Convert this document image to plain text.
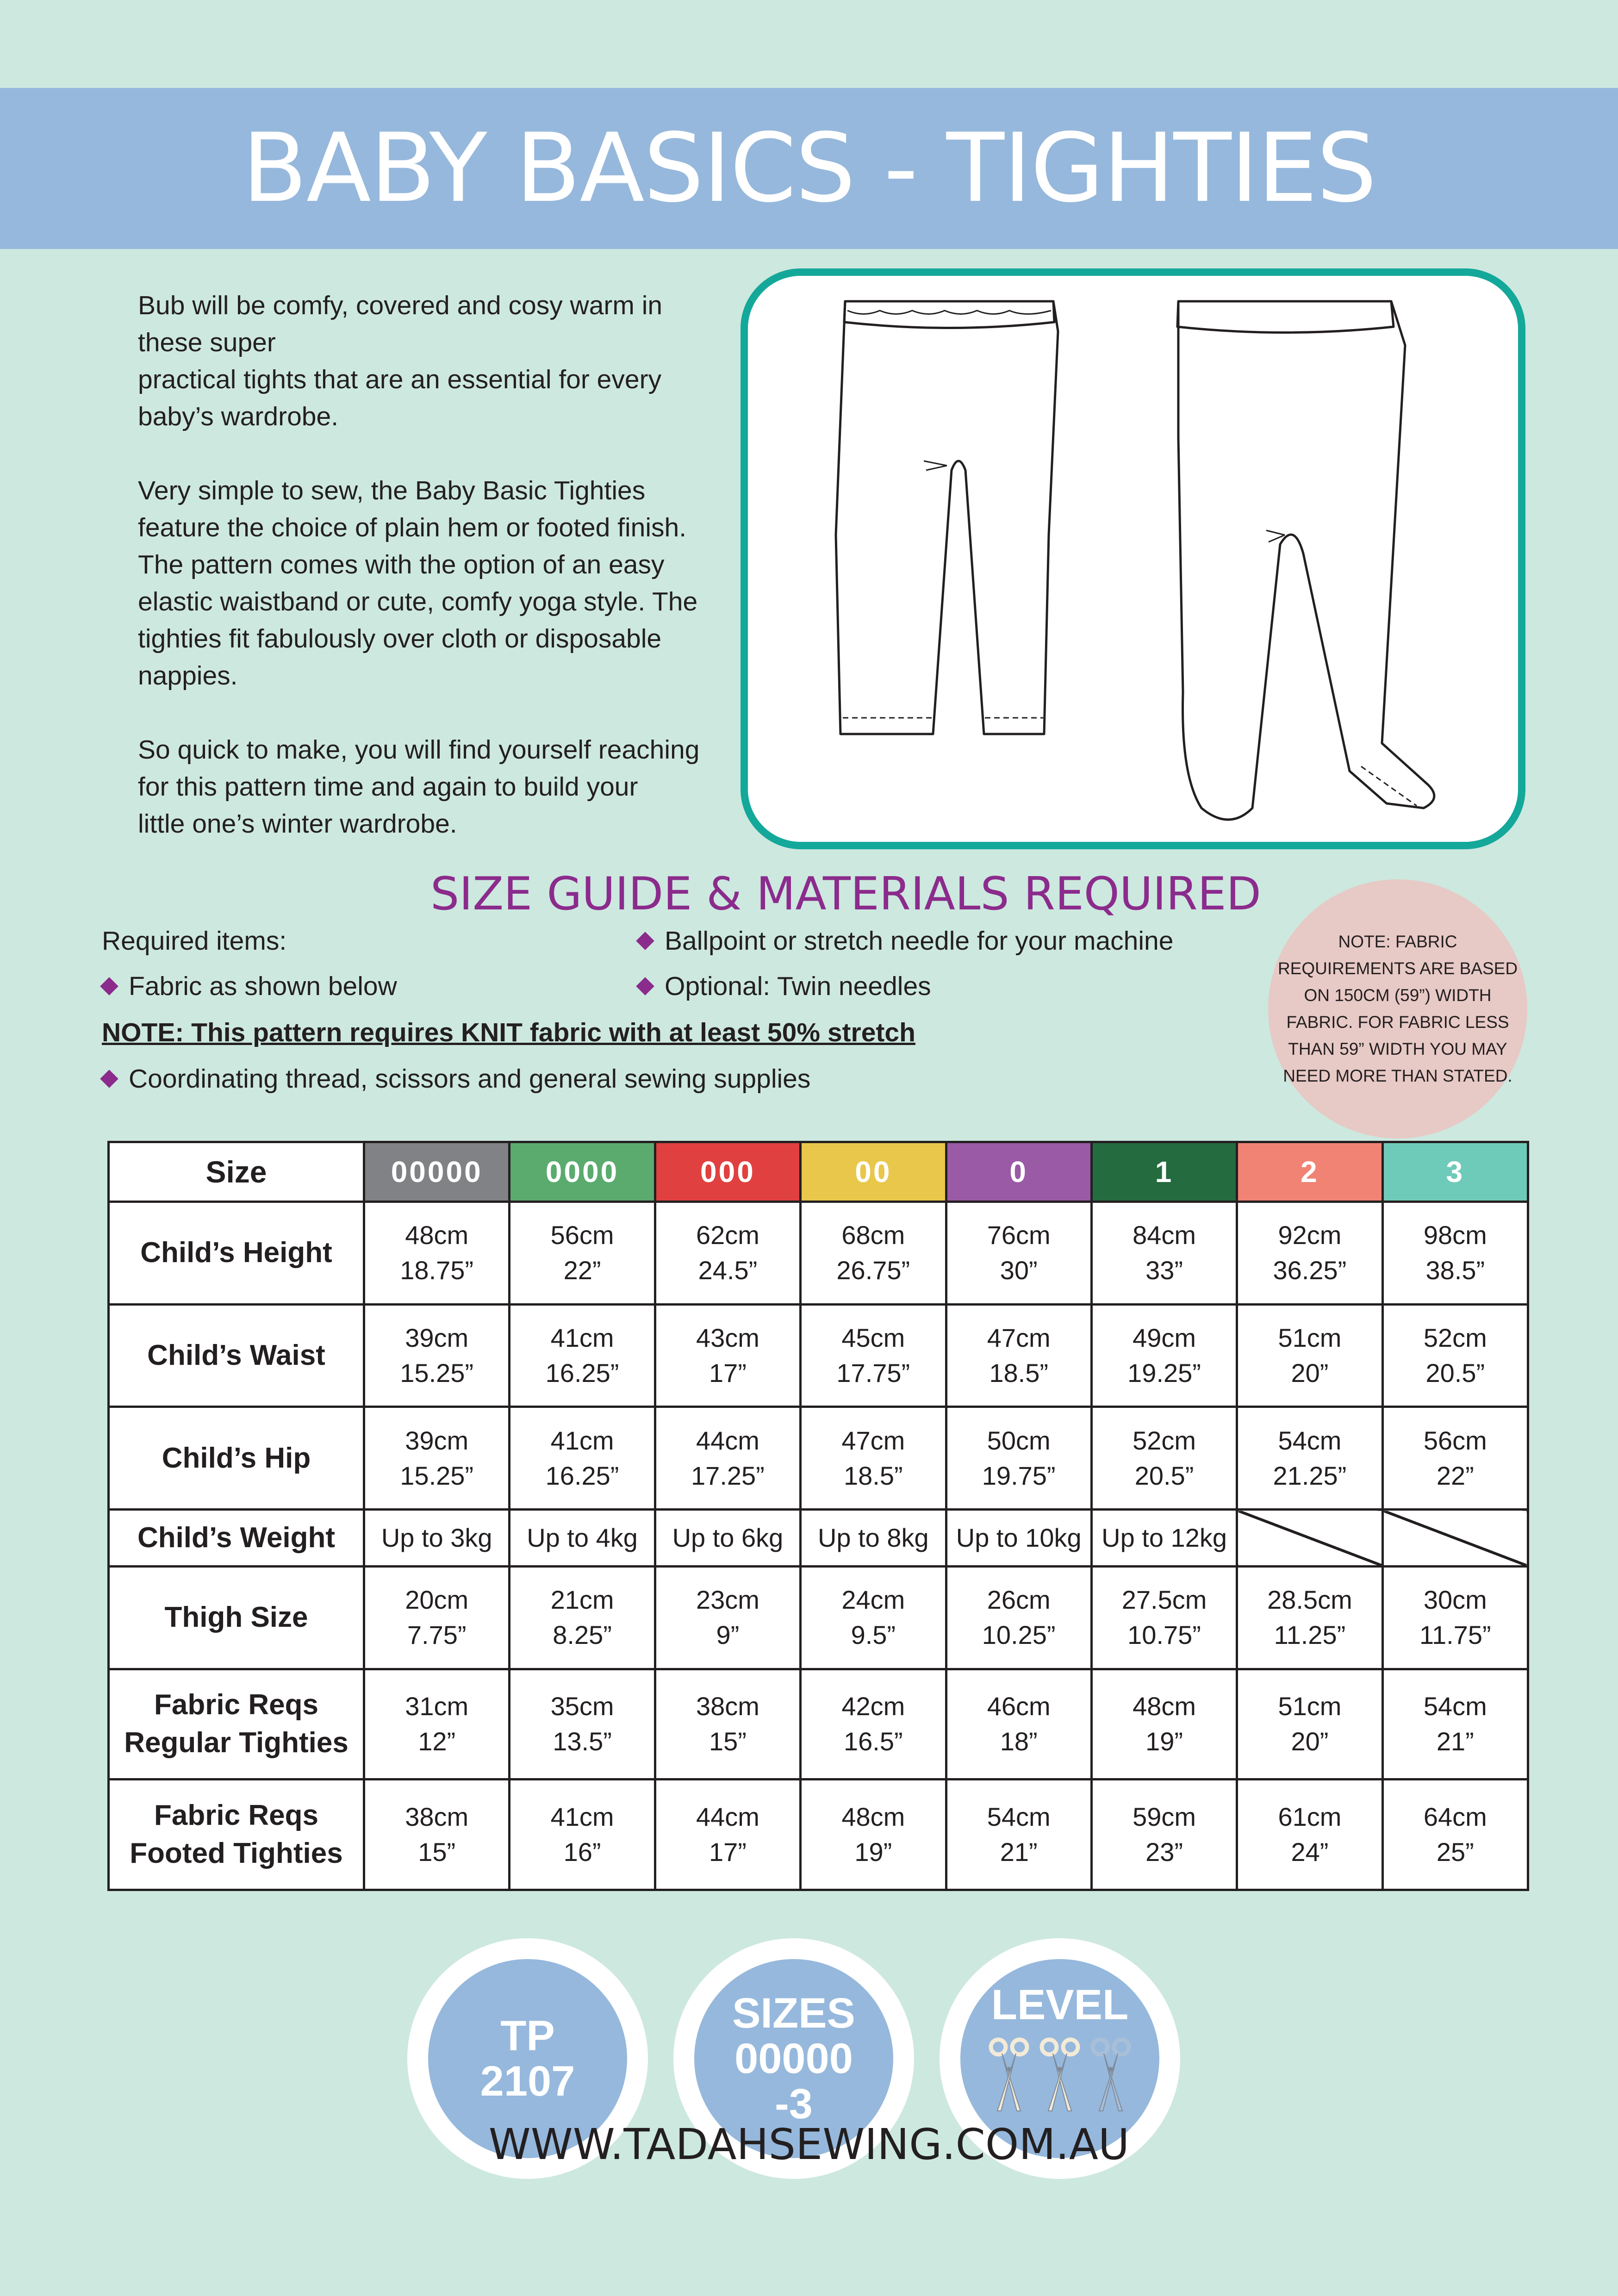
BABY BASICS - TIGHTIES

Bub will be comfy, covered and cosy warm in
these super
practical tights that are an essential for every
baby’s wardrobe.

Very simple to sew, the Baby Basic Tighties
feature the choice of plain hem or footed finish.
The pattern comes with the option of an easy
elastic waistband or cute, comfy yoga style. The
tighties fit fabulously over cloth or disposable
nappies.

So quick to make, you will find yourself reaching
for this pattern time and again to build your
little one’s winter wardrobe.

SIZE GUIDE & MATERIALS REQUIRED
Required items:
Fabric as shown below
Ballpoint or stretch needle for your machine
Optional: Twin needles
NOTE: This pattern requires KNIT fabric with at least 50% stretch
Coordinating thread, scissors and general sewing supplies
NOTE: FABRIC REQUIREMENTS ARE BASED ON 150CM (59”) WIDTH FABRIC. FOR FABRIC LESS THAN 59” WIDTH YOU MAY NEED MORE THAN STATED.
Size	00000	0000	000	00	0	1	2	3
Child’s Height	48cm
18.75”	56cm
22”	62cm
24.5”	68cm
26.75”	76cm
30”	84cm
33”	92cm
36.25”	98cm
38.5”
Child’s Waist	39cm
15.25”	41cm
16.25”	43cm
17”	45cm
17.75”	47cm
18.5”	49cm
19.25”	51cm
20”	52cm
20.5”
Child’s Hip	39cm
15.25”	41cm
16.25”	44cm
17.25”	47cm
18.5”	50cm
19.75”	52cm
20.5”	54cm
21.25”	56cm
22”
Child’s Weight	Up to 3kg	Up to 4kg	Up to 6kg	Up to 8kg	Up to 10kg	Up to 12kg		
Thigh Size	20cm
7.75”	21cm
8.25”	23cm
9”	24cm
9.5”	26cm
10.25”	27.5cm
10.75”	28.5cm
11.25”	30cm
11.75”
Fabric Reqs
Regular Tighties	31cm
12”	35cm
13.5”	38cm
15”	42cm
16.5”	46cm
18”	48cm
19”	51cm
20”	54cm
21”
Fabric Reqs
Footed Tighties	38cm
15”	41cm
16”	44cm
17”	48cm
19”	54cm
21”	59cm
23”	61cm
24”	64cm
25”
TP
2107
SIZES
00000
-3
LEVEL
WWW.TADAHSEWING.COM.AU
